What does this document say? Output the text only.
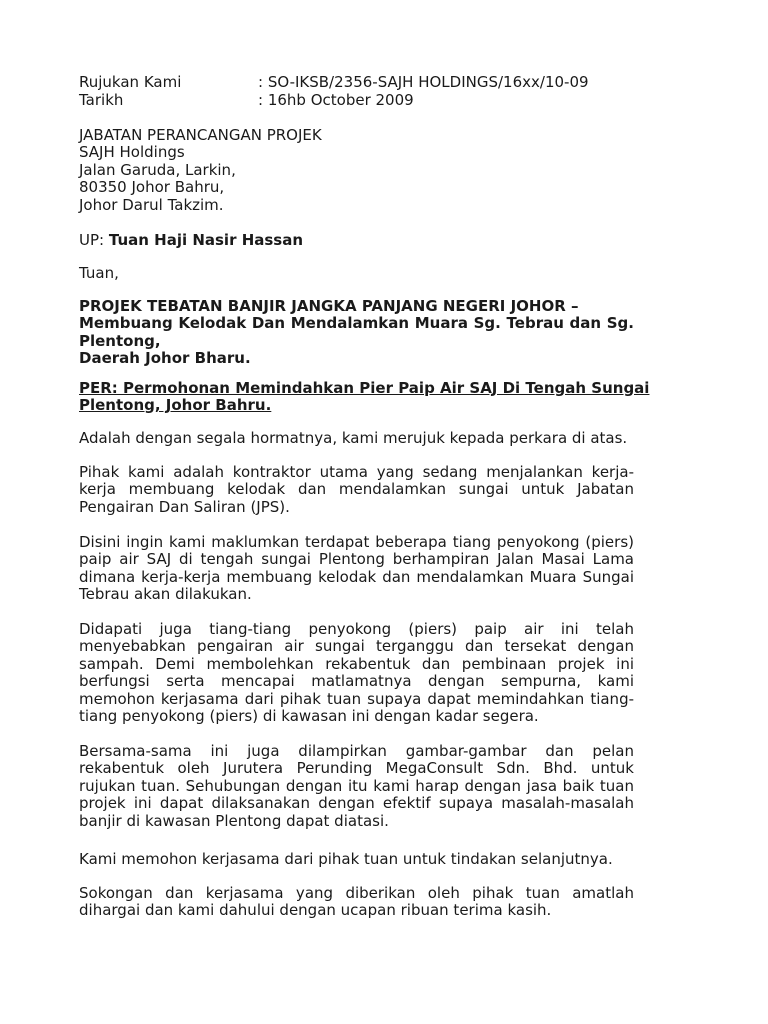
Rujukan Kami	: SO-IKSB/2356-SAJH HOLDINGS/16xx/10-09
Tarikh	: 16hb October 2009
JABATAN PERANCANGAN PROJEK
SAJH Holdings
Jalan Garuda, Larkin,
80350 Johor Bahru,
Johor Darul Takzim.
UP: Tuan Haji Nasir Hassan
Tuan,
PROJEK TEBATAN BANJIR JANGKA PANJANG NEGERI JOHOR –
Membuang Kelodak Dan Mendalamkan Muara Sg. Tebrau dan Sg.
Plentong,
Daerah Johor Bharu.
PER: Permohonan Memindahkan Pier Paip Air SAJ Di Tengah Sungai
Plentong, Johor Bahru.
Adalah dengan segala hormatnya, kami merujuk kepada perkara di atas.
Pihak kami adalah kontraktor utama yang sedang menjalankan kerja-
kerja membuang kelodak dan mendalamkan sungai untuk Jabatan
Pengairan Dan Saliran (JPS).
Disini ingin kami maklumkan terdapat beberapa tiang penyokong (piers)
paip air SAJ di tengah sungai Plentong berhampiran Jalan Masai Lama
dimana kerja-kerja membuang kelodak dan mendalamkan Muara Sungai
Tebrau akan dilakukan.
Didapati juga tiang-tiang penyokong (piers) paip air ini telah
menyebabkan pengairan air sungai terganggu dan tersekat dengan
sampah. Demi membolehkan rekabentuk dan pembinaan projek ini
berfungsi serta mencapai matlamatnya dengan sempurna, kami
memohon kerjasama dari pihak tuan supaya dapat memindahkan tiang-
tiang penyokong (piers) di kawasan ini dengan kadar segera.
Bersama-sama ini juga dilampirkan gambar-gambar dan pelan
rekabentuk oleh Jurutera Perunding MegaConsult Sdn. Bhd. untuk
rujukan tuan. Sehubungan dengan itu kami harap dengan jasa baik tuan
projek ini dapat dilaksanakan dengan efektif supaya masalah-masalah
banjir di kawasan Plentong dapat diatasi.
Kami memohon kerjasama dari pihak tuan untuk tindakan selanjutnya.
Sokongan dan kerjasama yang diberikan oleh pihak tuan amatlah
dihargai dan kami dahului dengan ucapan ribuan terima kasih.
